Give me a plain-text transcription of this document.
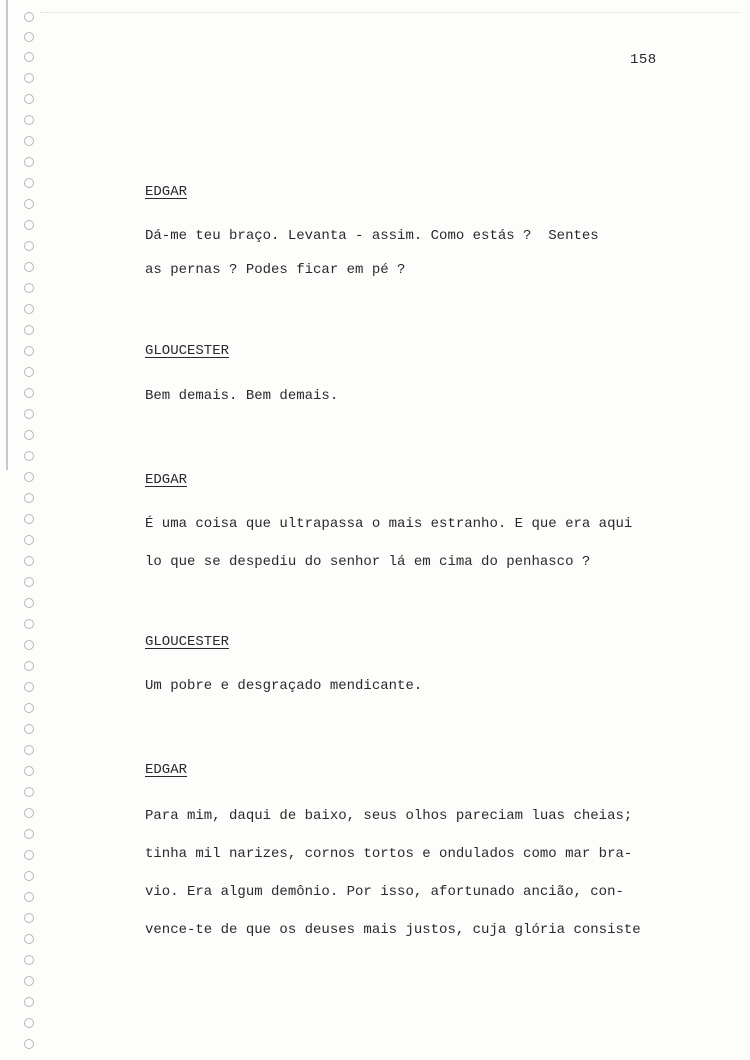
158
EDGAR
Dá-me teu braço. Levanta - assim. Como estás ?  Sentes
as pernas ? Podes ficar em pé ?
GLOUCESTER
Bem demais. Bem demais.
EDGAR
É uma coisa que ultrapassa o mais estranho. E que era aqui
lo que se despediu do senhor lá em cima do penhasco ?
GLOUCESTER
Um pobre e desgraçado mendicante.
EDGAR
Para mim, daqui de baixo, seus olhos pareciam luas cheias;
tinha mil narizes, cornos tortos e ondulados como mar bra-
vio. Era algum demônio. Por isso, afortunado ancião, con-
vence-te de que os deuses mais justos, cuja glória consiste
